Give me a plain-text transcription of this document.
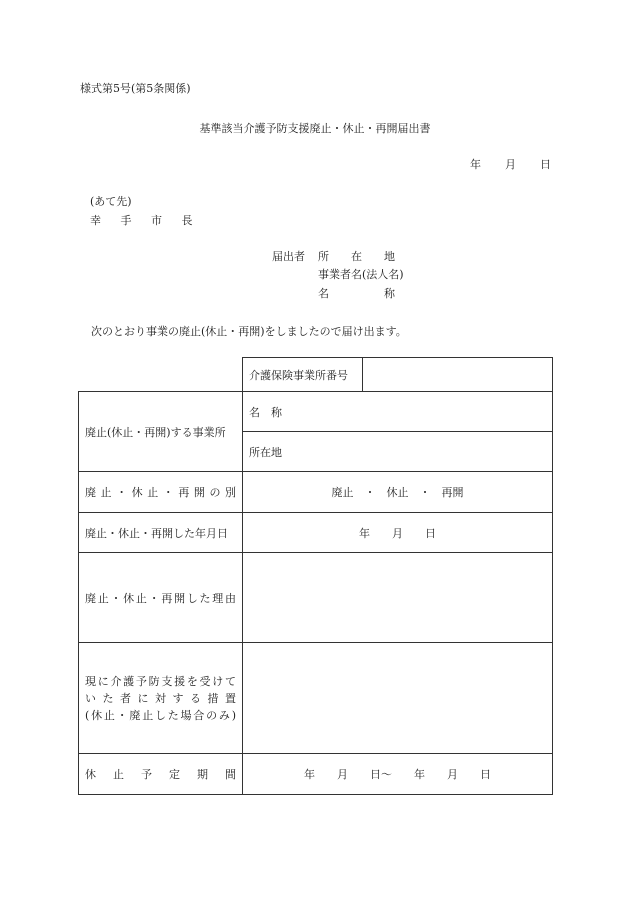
様式第5号(第5条関係)
基準該当介護予防支援廃止・休止・再開届出書
年 月 日
(あて先)
幸 手 市 長
届出者 所　　在　　地
事業者名(法人名)
名　　　　　称
次のとおり事業の廃止(休止・再開)をしましたので届け出ます。
	介護保険事業所番号	
廃止(休止・再開)する事業所	名　称	
	所在地	
廃止・休止・再開の別	廃止　・　休止　・　再開	
廃止・休止・再開した年月日	年　　月　　日	
廃止・休止・再開した理由		

現に介護予防支援を受けて
いた者に対する措置
(休止・廃止した場合のみ)		

休止予定期間	年　　月　　日～　　年　　月　　日	
